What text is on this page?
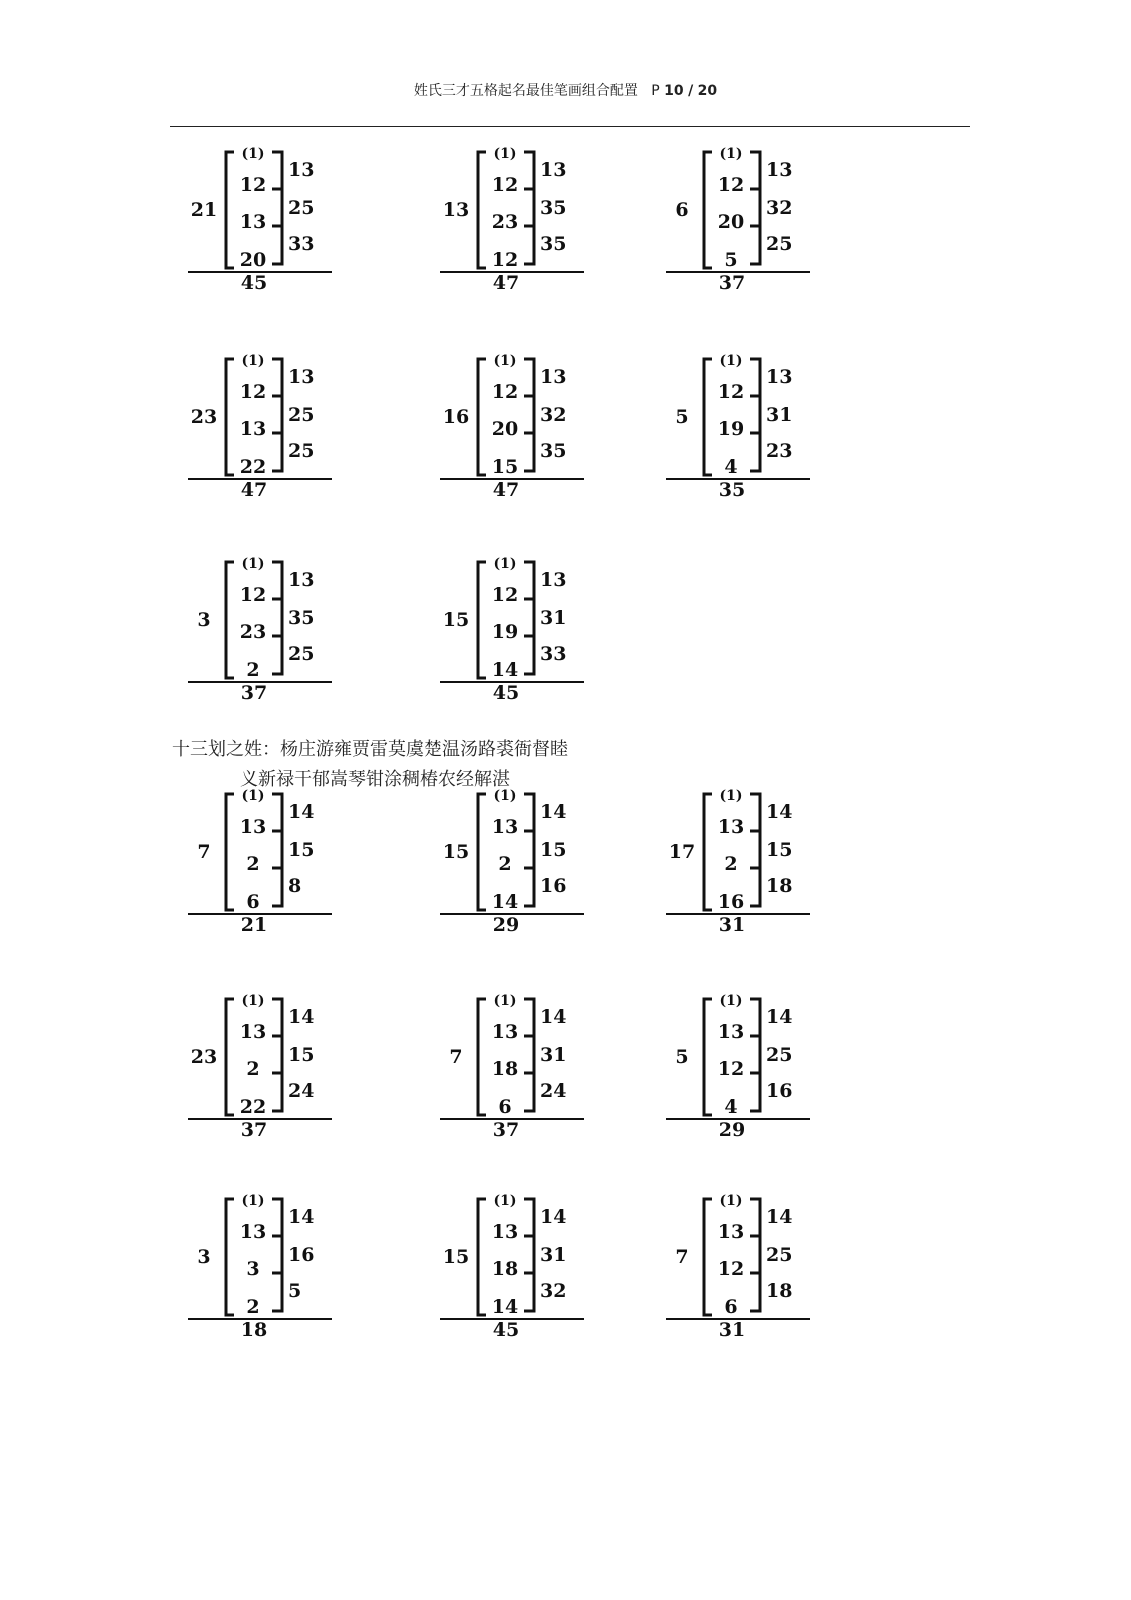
姓氏三才五格起名最佳笔画组合配置 P 10 / 20
(1)
12
13
20
13
25
33
21
45
(1)
12
23
12
13
35
35
13
47
(1)
12
20
5
13
32
25
6
37
(1)
12
13
22
13
25
25
23
47
(1)
12
20
15
13
32
35
16
47
(1)
12
19
4
13
31
23
5
35
(1)
12
23
2
13
35
25
3
37
(1)
12
19
14
13
31
33
15
45
十三划之姓：杨庄游雍贾雷莫虞楚温汤路裘衙督睦
义新禄干郁嵩琴钳涂稠椿农经解湛
(1)
13
2
6
14
15
8
7
21
(1)
13
2
14
14
15
16
15
29
(1)
13
2
16
14
15
18
17
31
(1)
13
2
22
14
15
24
23
37
(1)
13
18
6
14
31
24
7
37
(1)
13
12
4
14
25
16
5
29
(1)
13
3
2
14
16
5
3
18
(1)
13
18
14
14
31
32
15
45
(1)
13
12
6
14
25
18
7
31
